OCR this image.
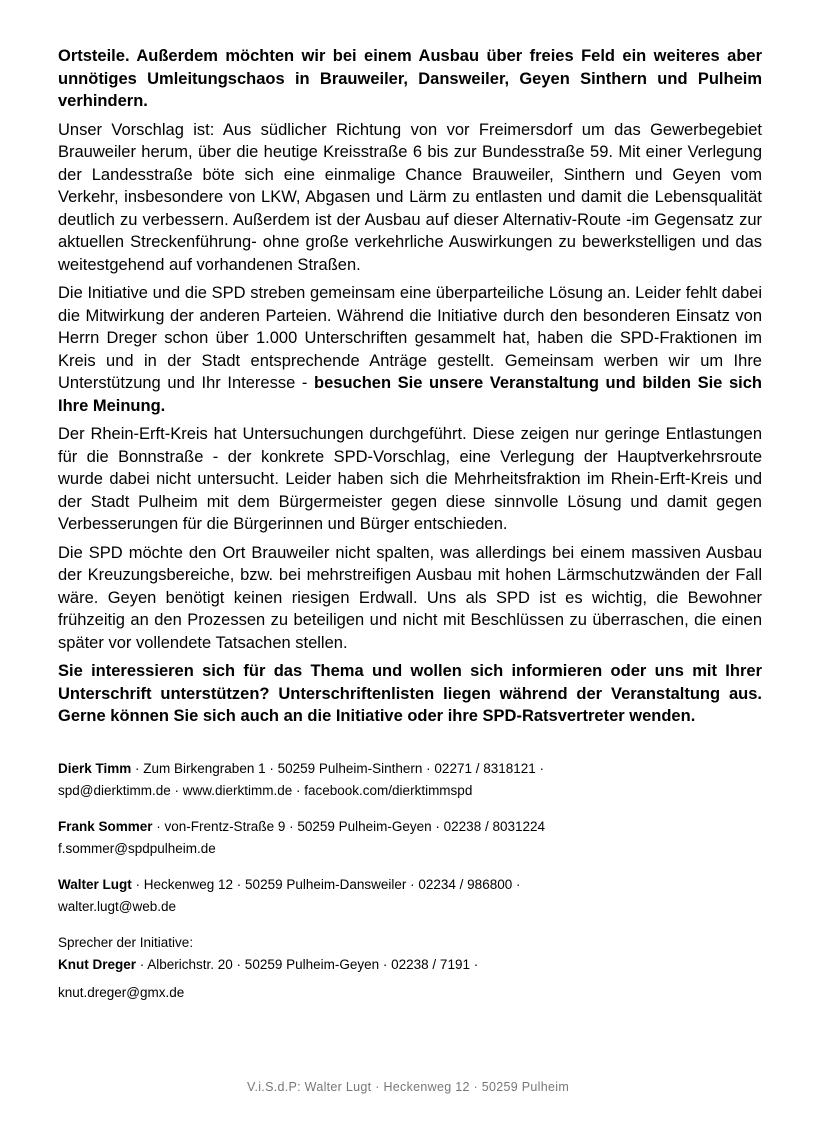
Ortsteile. Außerdem möchten wir bei einem Ausbau über freies Feld ein weiteres aber unnötiges Umleitungschaos in Brauweiler, Dansweiler, Geyen Sinthern und Pulheim verhindern.

Unser Vorschlag ist: Aus südlicher Richtung von vor Freimersdorf um das Gewerbegebiet Brauweiler herum, über die heutige Kreisstraße 6 bis zur Bundesstraße 59. Mit einer Verlegung der Landesstraße böte sich eine einmalige Chance Brauweiler, Sinthern und Geyen vom Verkehr, insbesondere von LKW, Abgasen und Lärm zu entlasten und damit die Lebensqualität deutlich zu verbessern. Außerdem ist der Ausbau auf dieser Alternativ-Route -im Gegensatz zur aktuellen Streckenführung- ohne große verkehrliche Auswirkungen zu bewerkstelligen und das weitestgehend auf vorhandenen Straßen.

Die Initiative und die SPD streben gemeinsam eine überparteiliche Lösung an. Leider fehlt dabei die Mitwirkung der anderen Parteien. Während die Initiative durch den besonderen Einsatz von Herrn Dreger schon über 1.000 Unterschriften gesammelt hat, haben die SPD-Fraktionen im Kreis und in der Stadt entsprechende Anträge gestellt. Gemeinsam werben wir um Ihre Unterstützung und Ihr Interesse - besuchen Sie unsere Veranstaltung und bilden Sie sich Ihre Meinung.

Der Rhein-Erft-Kreis hat Untersuchungen durchgeführt. Diese zeigen nur geringe Entlastungen für die Bonnstraße - der konkrete SPD-Vorschlag, eine Verlegung der Hauptverkehrsroute wurde dabei nicht untersucht. Leider haben sich die Mehrheitsfraktion im Rhein-Erft-Kreis und der Stadt Pulheim mit dem Bürgermeister gegen diese sinnvolle Lösung und damit gegen Verbesserungen für die Bürgerinnen und Bürger entschieden.

Die SPD möchte den Ort Brauweiler nicht spalten, was allerdings bei einem massiven Ausbau der Kreuzungsbereiche, bzw. bei mehrstreifigen Ausbau mit hohen Lärmschutzwänden der Fall wäre. Geyen benötigt keinen riesigen Erdwall. Uns als SPD ist es wichtig, die Bewohner frühzeitig an den Prozessen zu beteiligen und nicht mit Beschlüssen zu überraschen, die einen später vor vollendete Tatsachen stellen.

Sie interessieren sich für das Thema und wollen sich informieren oder uns mit Ihrer Unterschrift unterstützen? Unterschriftenlisten liegen während der Veranstaltung aus. Gerne können Sie sich auch an die Initiative oder ihre SPD-Ratsvertreter wenden.

Dierk Timm · Zum Birkengraben 1 · 50259 Pulheim-Sinthern · 02271 / 8318121 ·
spd@dierktimm.de · www.dierktimm.de · facebook.com/dierktimmspd
Frank Sommer · von-Frentz-Straße 9 · 50259 Pulheim-Geyen · 02238 / 8031224
f.sommer@spdpulheim.de
Walter Lugt · Heckenweg 12 · 50259 Pulheim-Danswеiler · 02234 / 986800 ·
walter.lugt@web.de
Sprecher der Initiative:
Knut Dreger · Alberichstr. 20 · 50259 Pulheim-Geyen · 02238 / 7191 ·
knut.dreger@gmx.de
V.i.S.d.P: Walter Lugt · Heckenweg 12 · 50259 Pulheim
